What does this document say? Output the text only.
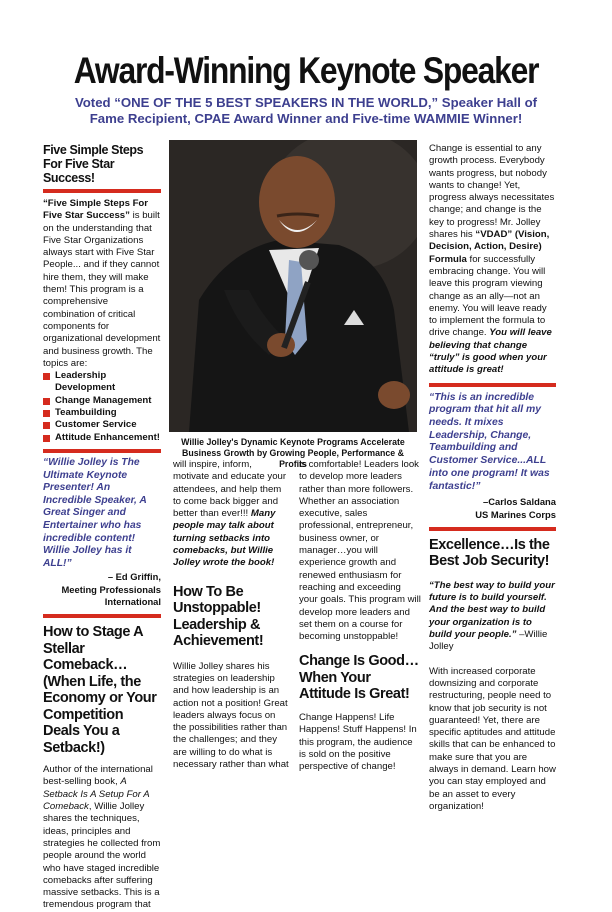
Award-Winning Keynote Speaker
Voted “ONE OF THE 5 BEST SPEAKERS IN THE WORLD,” Speaker Hall of Fame Recipient, CPAE Award Winner and Five-time WAMMIE Winner!
Five Simple Steps For Five Star Success!

“Five Simple Steps For Five Star Success” is built on the understanding that Five Star Organizations always start with Five Star People... and if they cannot hire them, they will make them! This program is a comprehensive combination of critical components for organizational development and business growth. The topics are:

Leadership Development
Change Management
Teambuilding
Customer Service
Attitude Enhancement!

“Willie Jolley is The Ultimate Keynote Presenter! An Incredible Speaker, A Great Singer and Entertainer who has incredible content! Willie Jolley has it ALL!”

– Ed Griffin,

Meeting Professionals

International

How to Stage A Stellar Comeback… (When Life, the Economy or Your Competition Deals You a Setback!)

Author of the international best-selling book, A Setback Is A Setup For A Comeback, Willie Jolley shares the techniques, ideas, principles and strategies he collected from people around the world who have staged incredible comebacks after suffering massive setbacks. This is a tremendous program that

Willie Jolley's Dynamic Keynote Programs Accelerate Business Growth by Growing People, Performance & Profits

will inspire, inform, motivate and educate your attendees, and help them to come back bigger and better than ever!!! Many people may talk about turning setbacks into comebacks, but Willie Jolley wrote the book!

How To Be Unstoppable! Leadership & Achievement!

Willie Jolley shares his strategies on leadership and how leadership is an action not a position! Great leaders always focus on the possibilities rather than the challenges; and they are willing to do what is necessary rather than what

is comfortable! Leaders look to develop more leaders rather than more followers. Whether an association executive, sales professional, entrepreneur, business owner, or manager…you will experience growth and renewed enthusiasm for reaching and exceeding your goals. This program will develop more leaders and set them on a course for becoming unstoppable!

Change Is Good… When Your Attitude Is Great!

Change Happens! Life Happens! Stuff Happens! In this program, the audience is sold on the positive perspective of change!

Change is essential to any growth process. Everybody wants progress, but nobody wants to change! Yet, progress always necessitates change; and change is the key to progress! Mr. Jolley shares his “VDAD” (Vision, Decision, Action, Desire) Formula for successfully embracing change. You will leave this program viewing change as an ally—not an enemy. You will leave ready to implement the formula to drive change. You will leave believing that change “truly” is good when your attitude is great!

“This is an incredible program that hit all my needs. It mixes Leadership, Change, Teambuilding and Customer Service...ALL into one program! It was fantastic!”

–Carlos Saldana

US Marines Corps

Excellence…Is the Best Job Security!

“The best way to build your future is to build yourself. And the best way to build your organization is to build your people.” –Willie Jolley

With increased corporate downsizing and corporate restructuring, people need to know that job security is not guaranteed! Yet, there are specific aptitudes and attitude skills that can be enhanced to make sure that you are always in demand. Learn how you can stay employed and be an asset to every organization!
